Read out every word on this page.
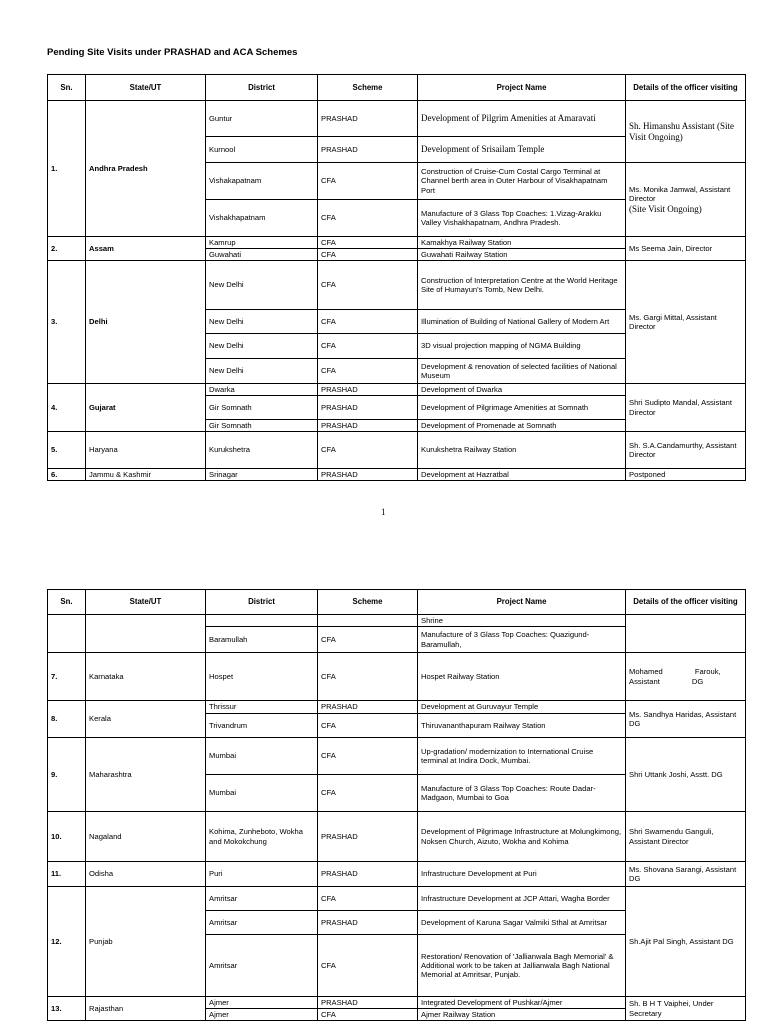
Pending Site Visits under PRASHAD and ACA Schemes
Sn.	State/UT	District	Scheme	Project Name	Details of the officer visiting
1.	Andhra Pradesh	Guntur	PRASHAD	Development of Pilgrim Amenities at Amaravati	Sh. Himanshu Assistant (Site Visit Ongoing)
		Kurnool	PRASHAD	Development of Srisailam Temple	
		Vishakapatnam	CFA	Construction of Cruise-Cum Costal Cargo Terminal at Channel berth area in Outer Harbour of Visakhapatnam Port	Ms. Monika Jamwal, Assistant Director
(Site Visit Ongoing)

		Vishakhapatnam	CFA	Manufacture of 3 Glass Top Coaches: 1.Vizag-Arakku Valley Vishakhapatnam, Andhra Pradesh.	
2.	Assam	Kamrup	CFA	Kamakhya Railway Station	Ms Seema Jain, Director
		Guwahati	CFA	Guwahati Railway Station	
3.	Delhi	New Delhi	CFA	Construction of Interpretation Centre at the World Heritage Site of Humayun's Tomb, New Delhi.	Ms. Gargi Mittal, Assistant Director
		New Delhi	CFA	Illumination of Building of National Gallery of Modern Art	
		New Delhi	CFA	3D visual projection mapping of NGMA Building	
		New Delhi	CFA	Development & renovation of selected facilities of National Museum	
4.	Gujarat	Dwarka	PRASHAD	Development of Dwarka	Shri Sudipto Mandal, Assistant Director
		Gir Somnath	PRASHAD	Development of Pilgrimage Amenities at Somnath	
		Gir Somnath	PRASHAD	Development of Promenade at Somnath	
5.	Haryana	Kurukshetra	CFA	Kurukshetra Railway Station	Sh. S.A.Candamurthy, Assistant Director
6.	Jammu & Kashmir	Srinagar	PRASHAD	Development at Hazratbal	Postponed
1
Sn.	State/UT	District	Scheme	Project Name	Details of the officer visiting
				Shrine	
		Baramullah	CFA	Manufacture of 3 Glass Top Coaches: Quazigund- Baramullah,	
7.	Karnataka	Hospet	CFA	Hospet Railway Station	Mohamed Farouk, Assistant DG
8.	Kerala	Thrissur	PRASHAD	Development at Guruvayur Temple	Ms. Sandhya Haridas, Assistant DG
		Trivandrum	CFA	Thiruvananthapuram Railway Station	
9.	Maharashtra	Mumbai	CFA	Up-gradation/ modernization to International Cruise terminal at Indira Dock, Mumbai.	Shri Uttank Joshi, Asstt. DG
		Mumbai	CFA	Manufacture of 3 Glass Top Coaches: Route Dadar-Madgaon, Mumbai to Goa	
10.	Nagaland	Kohima, Zunheboto, Wokha and Mokokchung	PRASHAD	Development of Pilgrimage Infrastructure at Molungkimong, Noksen Church, Aizuto, Wokha and Kohima	Shri Swarnendu Ganguli, Assistant Director
11.	Odisha	Puri	PRASHAD	Infrastructure Development at Puri	Ms. Shovana Sarangi, Assistant DG
12.	Punjab	Amritsar	CFA	Infrastructure Development at JCP Attari, Wagha Border	Sh.Ajit Pal Singh, Assistant DG
		Amritsar	PRASHAD	Development of Karuna Sagar Valmiki Sthal at Amritsar	
		Amritsar	CFA	Restoration/ Renovation of 'Jallianwala Bagh Memorial' & Additional work to be taken at Jallianwala Bagh National Memorial at Amritsar, Punjab.	
13.	Rajasthan	Ajmer	PRASHAD	Integrated Development of Pushkar/Ajmer	Sh. B H T Vaiphei, Under Secretary
		Ajmer	CFA	Ajmer Railway Station	
